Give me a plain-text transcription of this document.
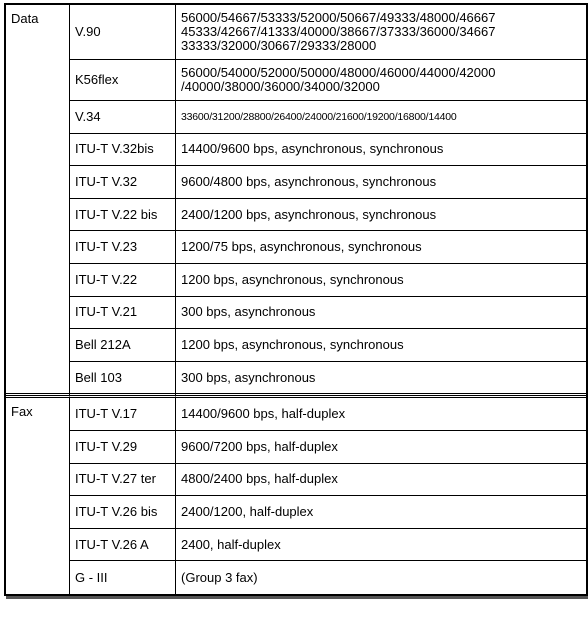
Data	V.90	56000/54667/53333/52000/50667/49333/48000/46667 45333/42667/41333/40000/38667/37333/36000/34667 33333/32000/30667/29333/28000
	K56flex	56000/54000/52000/50000/48000/46000/44000/42000 /40000/38000/36000/34000/32000
	V.34	33600/31200/28800/26400/24000/21600/19200/16800/14400
	ITU-T V.32bis	14400/9600 bps, asynchronous, synchronous
	ITU-T V.32	9600/4800 bps, asynchronous, synchronous
	ITU-T V.22 bis	2400/1200 bps, asynchronous, synchronous
	ITU-T V.23	1200/75 bps, asynchronous, synchronous
	ITU-T V.22	1200 bps, asynchronous, synchronous
	ITU-T V.21	300 bps, asynchronous
	Bell 212A	1200 bps, asynchronous, synchronous
	Bell 103	300 bps, asynchronous

Fax	ITU-T V.17	14400/9600 bps, half-duplex
	ITU-T V.29	9600/7200 bps, half-duplex
	ITU-T V.27 ter	4800/2400 bps, half-duplex
	ITU-T V.26 bis	2400/1200, half-duplex
	ITU-T V.26 A	2400, half-duplex
	G - III	(Group 3 fax)
